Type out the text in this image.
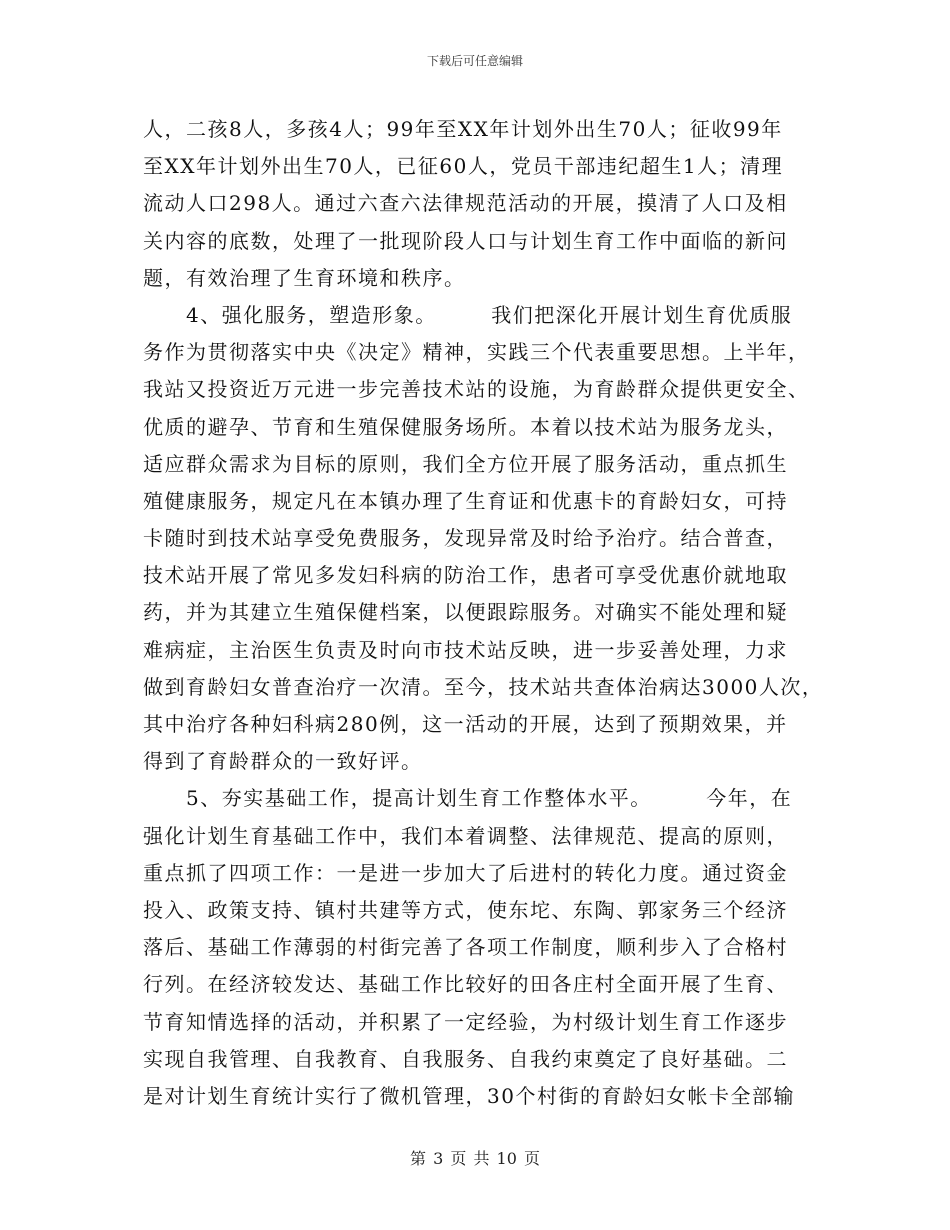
下载后可任意编辑
人，二孩8人，多孩4人；99年至XX年计划外出生70人；征收99年
至XX年计划外出生70人，已征60人，党员干部违纪超生1人；清理
流动人口298人。通过六查六法律规范活动的开展，摸清了人口及相
关内容的底数，处理了一批现阶段人口与计划生育工作中面临的新问
题，有效治理了生育环境和秩序。
　　4、强化服务，塑造形象。　　　我们把深化开展计划生育优质服
务作为贯彻落实中央《决定》精神，实践三个代表重要思想。上半年，
我站又投资近万元进一步完善技术站的设施，为育龄群众提供更安全、
优质的避孕、节育和生殖保健服务场所。本着以技术站为服务龙头，
适应群众需求为目标的原则，我们全方位开展了服务活动，重点抓生
殖健康服务，规定凡在本镇办理了生育证和优惠卡的育龄妇女，可持
卡随时到技术站享受免费服务，发现异常及时给予治疗。结合普查，
技术站开展了常见多发妇科病的防治工作，患者可享受优惠价就地取
药，并为其建立生殖保健档案，以便跟踪服务。对确实不能处理和疑
难病症，主治医生负责及时向市技术站反映，进一步妥善处理，力求
做到育龄妇女普查治疗一次清。至今，技术站共查体治病达3000人次，
其中治疗各种妇科病280例，这一活动的开展，达到了预期效果，并
得到了育龄群众的一致好评。
　　5、夯实基础工作，提高计划生育工作整体水平。　　　今年，在
强化计划生育基础工作中，我们本着调整、法律规范、提高的原则，
重点抓了四项工作：一是进一步加大了后进村的转化力度。通过资金
投入、政策支持、镇村共建等方式，使东坨、东陶、郭家务三个经济
落后、基础工作薄弱的村街完善了各项工作制度，顺利步入了合格村
行列。在经济较发达、基础工作比较好的田各庄村全面开展了生育、
节育知情选择的活动，并积累了一定经验，为村级计划生育工作逐步
实现自我管理、自我教育、自我服务、自我约束奠定了良好基础。二
是对计划生育统计实行了微机管理，30个村街的育龄妇女帐卡全部输
第 3 页 共 10 页
